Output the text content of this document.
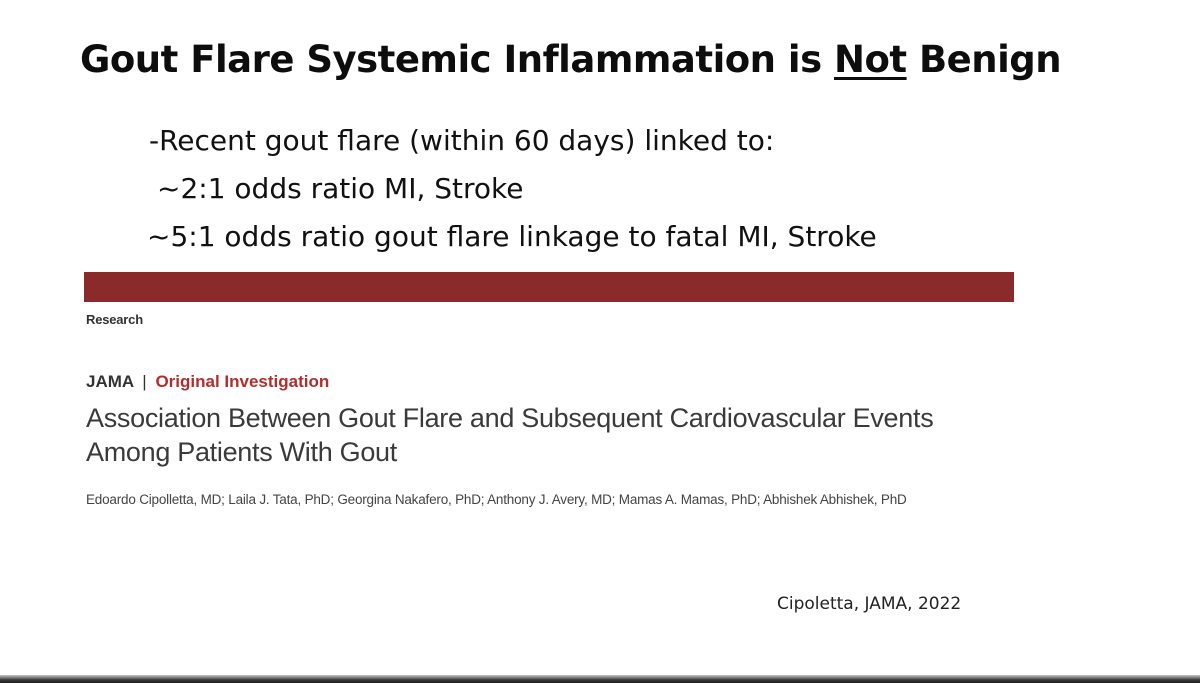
Gout Flare Systemic Inflammation is Not Benign
-Recent gout flare (within 60 days) linked to:
~2:1 odds ratio MI, Stroke
~5:1 odds ratio gout flare linkage to fatal MI, Stroke
Research
JAMA | Original Investigation
Association Between Gout Flare and Subsequent Cardiovascular Events
Among Patients With Gout
Edoardo Cipolletta, MD; Laila J. Tata, PhD; Georgina Nakafero, PhD; Anthony J. Avery, MD; Mamas A. Mamas, PhD; Abhishek Abhishek, PhD
Cipoletta, JAMA, 2022
